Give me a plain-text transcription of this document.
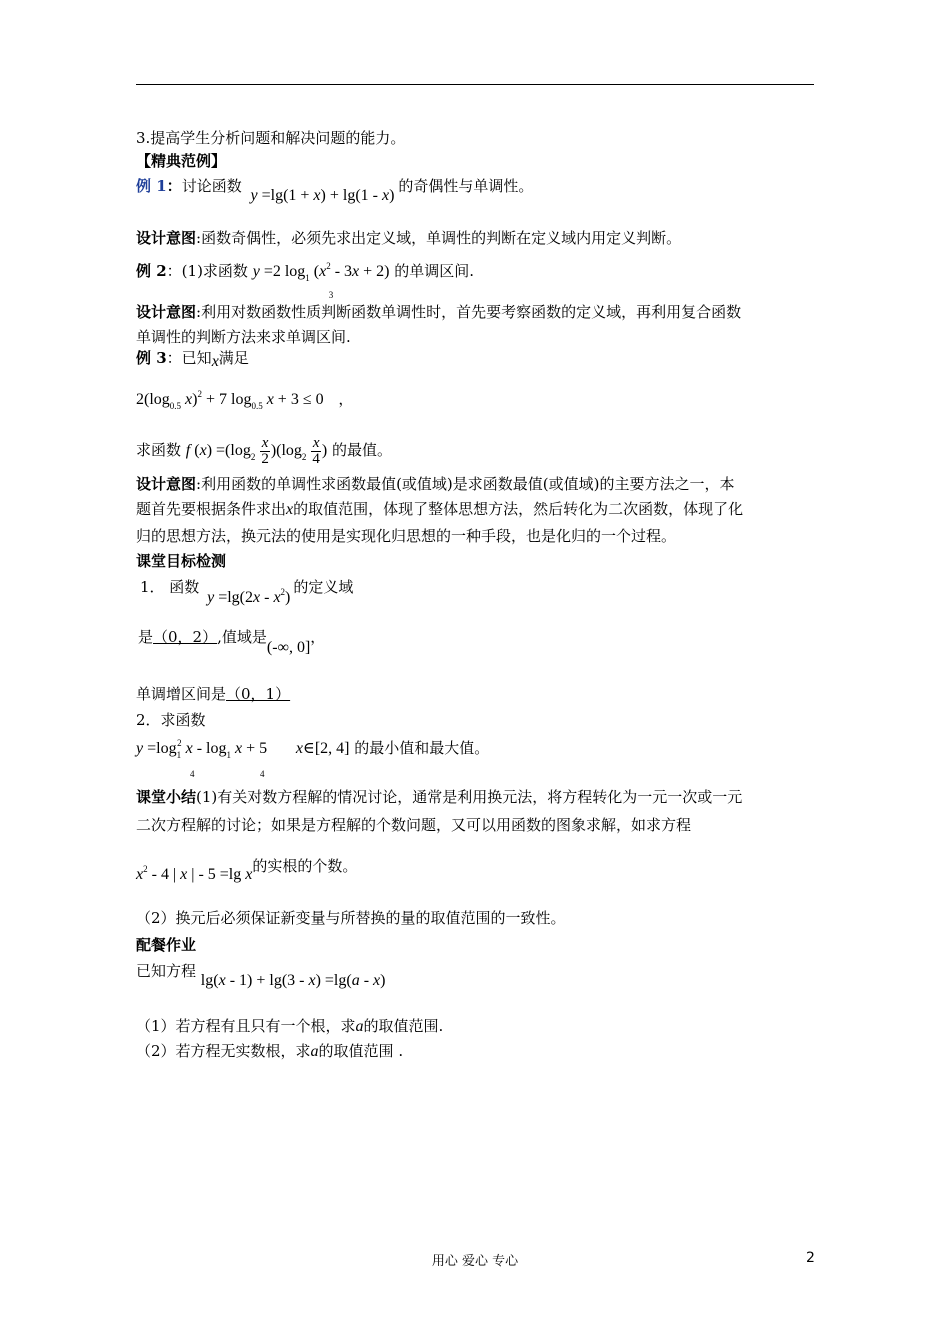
3.提高学生分析问题和解决问题的能力。
【精典范例】
例 1：讨论函数 y =lg(1 + x) + lg(1 - x)的奇偶性与单调性。
设计意图:函数奇偶性，必须先求出定义域，单调性的判断在定义域内用定义判断。
例 2：(1)求函数 y =2 $\log_1 (x^2 - 3x + 2)$
3
的单调区间.
设计意图:利用对数函数性质判断函数单调性时，首先要考察函数的定义域，再利用复合函数
单调性的判断方法来求单调区间.
例 3：已知x满足
$2(\log_{0.5}$ x)$^2$ + 7 $\log_{0.5} x + 3 \le 0$ ，
求函数 f $(x) =(\log_2 \frac{x}{2} )(\log_2 \frac{x}{4}$ ) 的最值。
设计意图:利用函数的单调性求函数最值(或值域)是求函数最值(或值域)的主要方法之一，本
题首先要根据条件求出x的取值范围，体现了整体思想方法，然后转化为二次函数，体现了化
归的思想方法，换元法的使用是实现化归思想的一种手段，也是化归的一个过程。
课堂目标检测
1． 函数 $y =\lg(2x - x^2)$的定义域
是（0，2）,值域是(-∞, 0]，
单调增区间是（0，1）
2．求函数
$y =\log_1^2$ $x - \log_1 x + 5$
4	4
x∈[2, 4] 的最小值和最大值。
课堂小结(1)有关对数方程解的情况讨论，通常是利用换元法，将方程转化为一元一次或一元
二次方程解的讨论；如果是方程解的个数问题，又可以用函数的图象求解，如求方程
$x^2 - 4$ | x | - 5 =lg x的实根的个数。
（2）换元后必须保证新变量与所替换的量的取值范围的一致性。
配餐作业
已知方程 lg(x - 1) + lg(3 - x) =lg(a - x)
（1）若方程有且只有一个根，求a的取值范围.
（2）若方程无实数根，求a的取值范围 .
用心 爱心 专心	2
